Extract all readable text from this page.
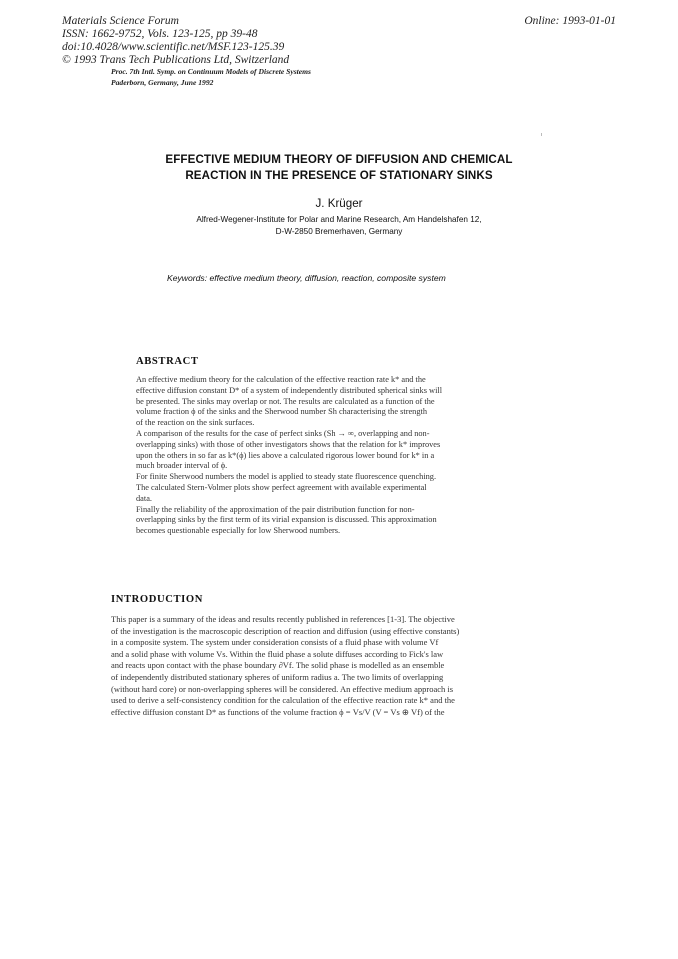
Materials Science Forum
ISSN: 1662-9752, Vols. 123-125, pp 39-48
doi:10.4028/www.scientific.net/MSF.123-125.39
© 1993 Trans Tech Publications Ltd, Switzerland
Online: 1993-01-01
Proc. 7th Intl. Symp. on Continuum Models of Discrete Systems
Paderborn, Germany, June 1992
EFFECTIVE MEDIUM THEORY OF DIFFUSION AND CHEMICAL
REACTION IN THE PRESENCE OF STATIONARY SINKS
J. Krüger
Alfred-Wegener-Institute for Polar and Marine Research, Am Handelshafen 12,
D-W-2850 Bremerhaven, Germany
Keywords: effective medium theory, diffusion, reaction, composite system
ABSTRACT
An effective medium theory for the calculation of the effective reaction rate k* and the
effective diffusion constant D* of a system of independently distributed spherical sinks will
be presented. The sinks may overlap or not. The results are calculated as a function of the
volume fraction ϕ of the sinks and the Sherwood number Sh characterising the strength
of the reaction on the sink surfaces.
A comparison of the results for the case of perfect sinks (Sh → ∞, overlapping and non-
overlapping sinks) with those of other investigators shows that the relation for k* improves
upon the others in so far as k*(ϕ) lies above a calculated rigorous lower bound for k* in a
much broader interval of ϕ.
For finite Sherwood numbers the model is applied to steady state fluorescence quenching.
The calculated Stern-Volmer plots show perfect agreement with available experimental
data.
Finally the reliability of the approximation of the pair distribution function for non-
overlapping sinks by the first term of its virial expansion is discussed. This approximation
becomes questionable especially for low Sherwood numbers.
INTRODUCTION
This paper is a summary of the ideas and results recently published in references [1-3]. The objective
of the investigation is the macroscopic description of reaction and diffusion (using effective constants)
in a composite system. The system under consideration consists of a fluid phase with volume Vf
and a solid phase with volume Vs. Within the fluid phase a solute diffuses according to Fick's law
and reacts upon contact with the phase boundary ∂Vf. The solid phase is modelled as an ensemble
of independently distributed stationary spheres of uniform radius a. The two limits of overlapping
(without hard core) or non-overlapping spheres will be considered. An effective medium approach is
used to derive a self-consistency condition for the calculation of the effective reaction rate k* and the
effective diffusion constant D* as functions of the volume fraction ϕ = Vs/V (V = Vs ⊕ Vf) of the
